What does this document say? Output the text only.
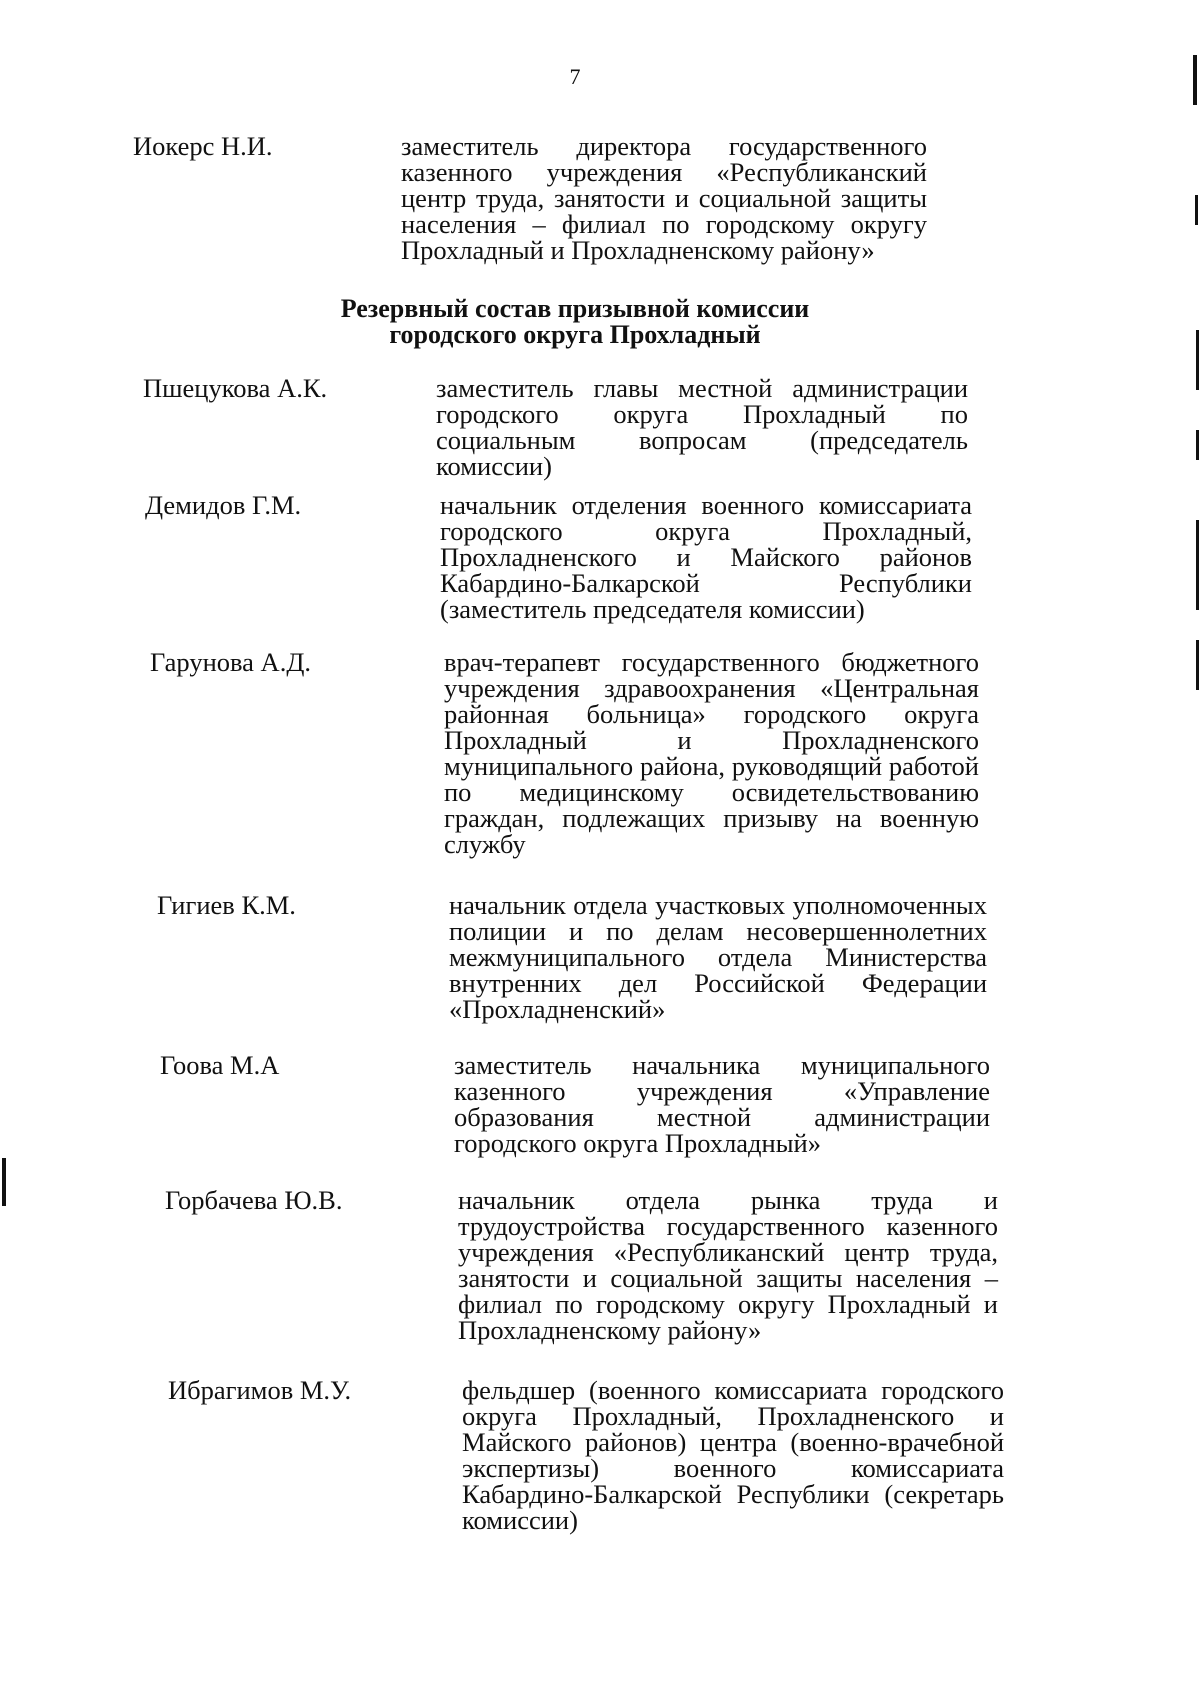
7
Иокерс Н.И.	заместитель директора государственного казенного учреждения «Республиканский центр труда, занятости и социальной защиты населения – филиал по городскому округу Прохладный и Прохладненскому району»
Резервный состав призывной комиссии
городского округа Прохладный
Пшецукова А.К.	заместитель главы местной администрации городского округа Прохладный по социальным вопросам (председатель комиссии)
Демидов Г.М.	начальник отделения военного комиссариата городского округа Прохладный, Прохладненского и Майского районов Кабардино-Балкарской Республики (заместитель председателя комиссии)
Гарунова А.Д.	врач-терапевт государственного бюджетного учреждения здравоохранения «Центральная районная больница» городского округа Прохладный и Прохладненского муниципального района, руководящий работой по медицинскому освидетельствованию граждан, подлежащих призыву на военную службу
Гигиев К.М.	начальник отдела участковых уполномоченных полиции и по делам несовершеннолетних межмуниципального отдела Министерства внутренних дел Российской Федерации «Прохладненский»
Гоова М.А	заместитель начальника муниципального казенного учреждения «Управление образования местной администрации городского округа Прохладный»
Горбачева Ю.В.	начальник отдела рынка труда и трудоустройства государственного казенного учреждения «Республиканский центр труда, занятости и социальной защиты населения – филиал по городскому округу Прохладный и Прохладненскому району»
Ибрагимов М.У.	фельдшер (военного комиссариата городского округа Прохладный, Прохладненского и Майского районов) центра (военно-врачебной экспертизы) военного комиссариата Кабардино-Балкарской Республики (секретарь комиссии)
